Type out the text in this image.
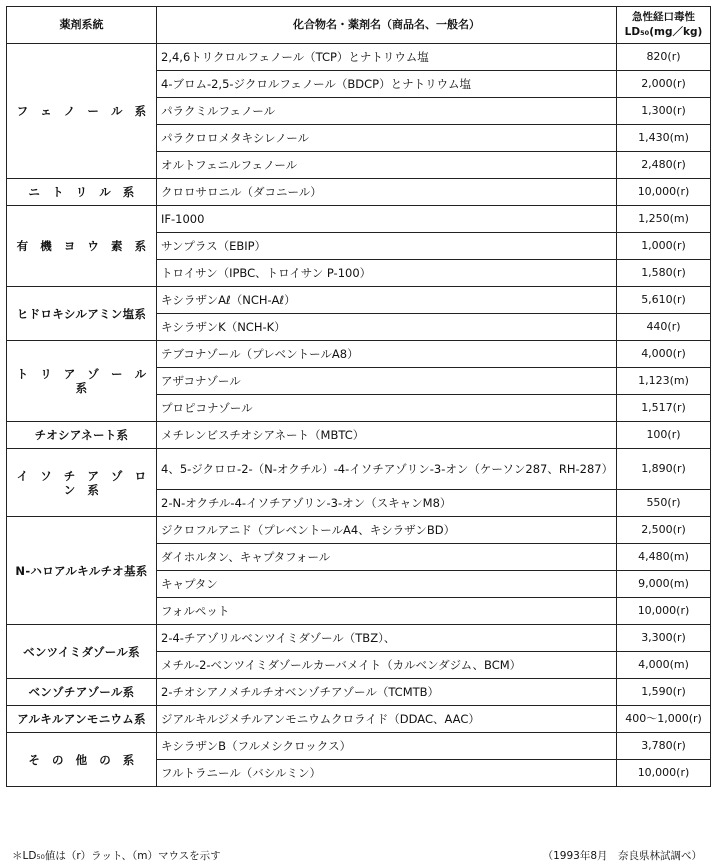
薬剤系統	化合物名・薬剤名（商品名、一般名）	急性経口毒性
LD₅₀(mg／kg)
フ　ェ　ノ　ー　ル　系	2,4,6トリクロルフェノール（TCP）とナトリウム塩	820(r)
	4-ブロム-2,5-ジクロルフェノール（BDCP）とナトリウム塩	2,000(r)
	パラクミルフェノール	1,300(r)
	パラクロロメタキシレノール	1,430(m)
	オルトフェニルフェノール	2,480(r)
ニ　ト　リ　ル　系	クロロサロニル（ダコニール）	10,000(r)
有　機　ヨ　ウ　素　系	IF-1000	1,250(m)
	サンプラス（EBIP）	1,000(r)
	トロイサン（IPBC、トロイサン P-100）	1,580(r)
ヒドロキシルアミン塩系	キシラザンAℓ（NCH-Aℓ）	5,610(r)
	キシラザンK（NCH-K）	440(r)
ト　リ　ア　ゾ　ー　ル　系	テブコナゾール（プレベントールA8）	4,000(r)
	アザコナゾール	1,123(m)
	プロピコナゾール	1,517(r)
チオシアネート系	メチレンビスチオシアネート（MBTC）	100(r)
イ　ソ　チ　ア　ゾ　ロ　ン　系	4、5-ジクロロ-2-（N-オクチル）-4-イソチアゾリン-3-オン（ケーソン287、RH-287）	1,890(r)
	2-N-オクチル-4-イソチアゾリン-3-オン（スキャンM8）	550(r)
N-ハロアルキルチオ基系	ジクロフルアニド（プレベントールA4、キシラザンBD）	2,500(r)
	ダイホルタン、キャプタフォール	4,480(m)
	キャプタン	9,000(m)
	フォルペット	10,000(r)
ベンツイミダゾール系	2-4-チアゾリルベンツイミダゾール（TBZ）、	3,300(r)
	メチル-2-ベンツイミダゾールカーバメイト（カルベンダジム、BCM）	4,000(m)
ベンゾチアゾール系	2-チオシアノメチルチオベンゾチアゾール（TCMTB）	1,590(r)
アルキルアンモニウム系	ジアルキルジメチルアンモニウムクロライド（DDAC、AAC）	400～1,000(r)
そ　の　他　の　系	キシラザンB（フルメシクロックス）	3,780(r)
	フルトラニール（バシルミン）	10,000(r)
＊LD₅₀値は（r）ラット、（m）マウスを示す	（1993年8月　奈良県林試調べ）
